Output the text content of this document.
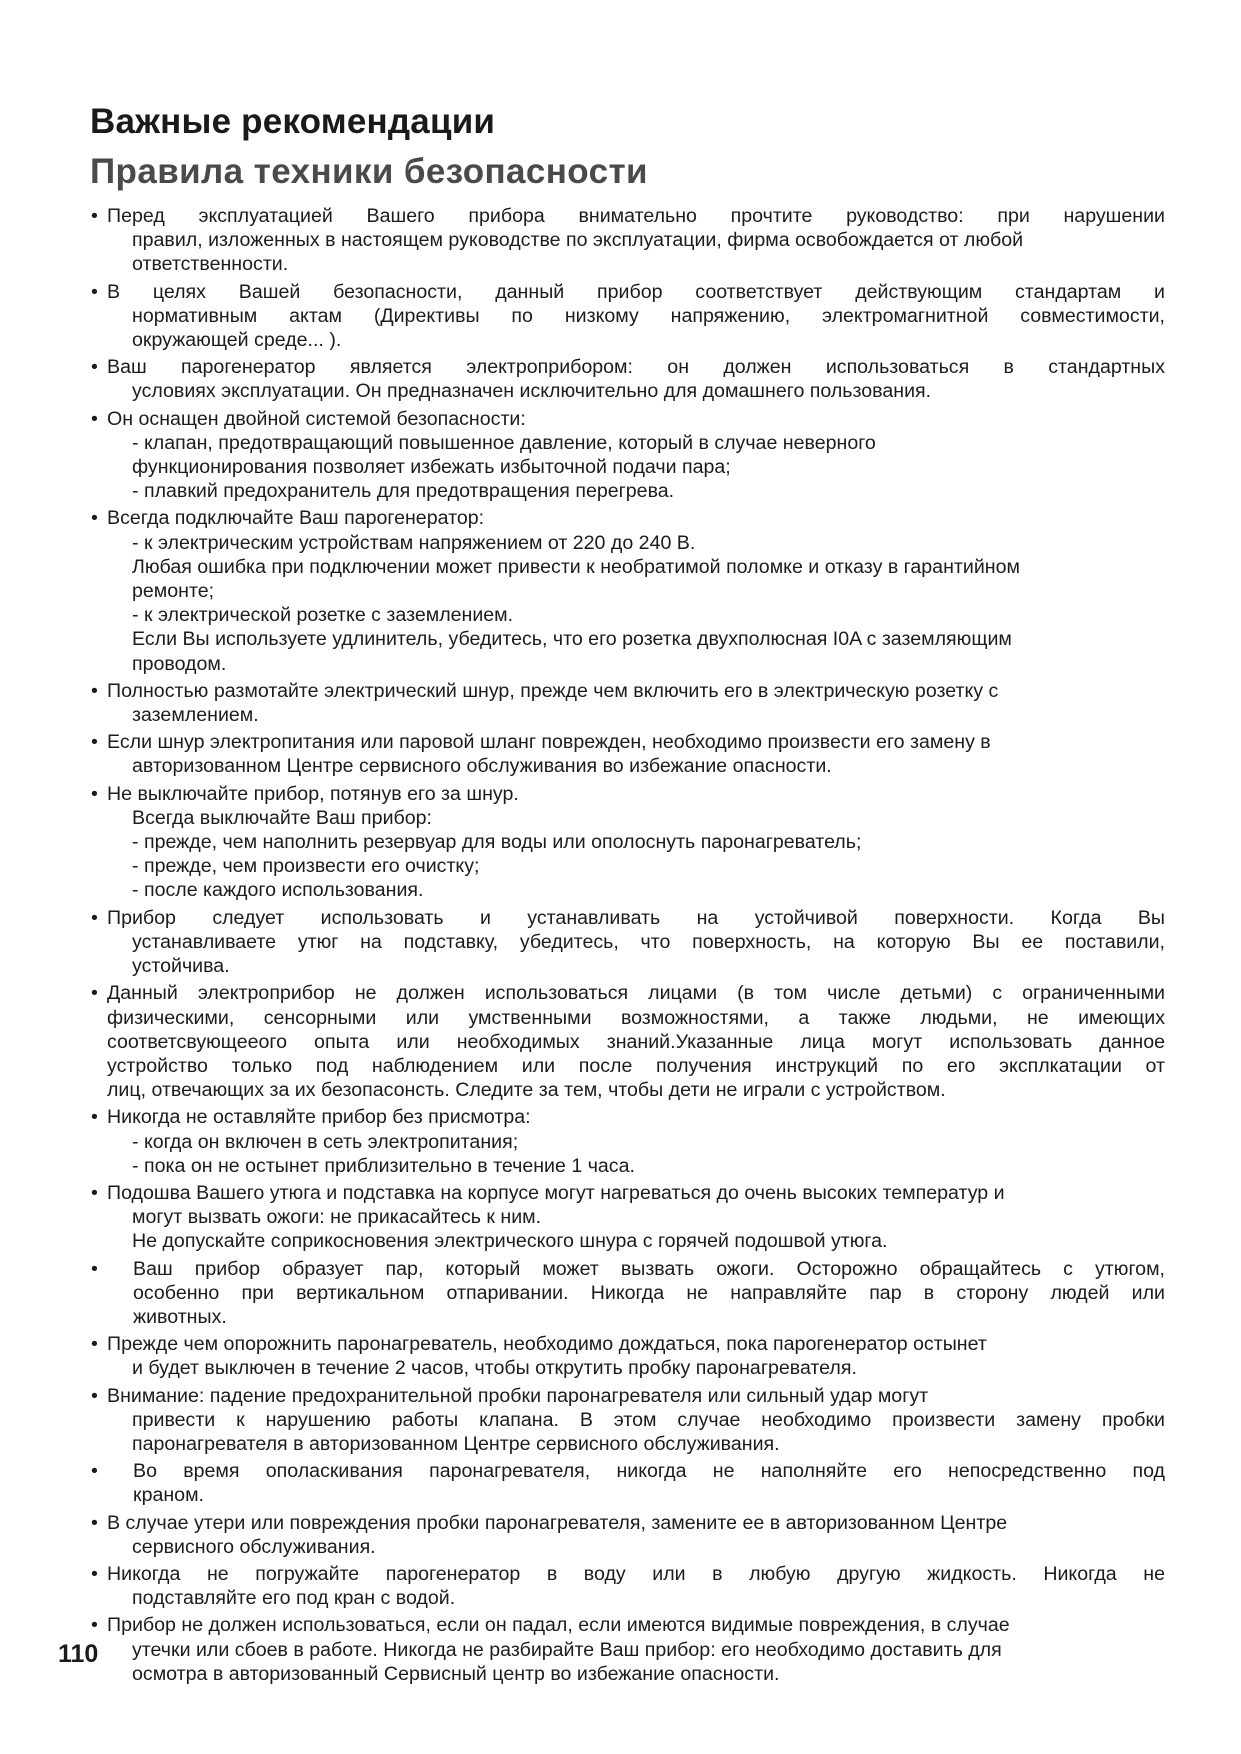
Важные рекомендации
Правила техники безопасности
• Перед эксплуатацией Вашего прибора внимательно прочтите руководство: при нарушении
правил, изложенных в настоящем руководстве по эксплуатации, фирма освобождается от любой
ответственности.
• В целях Вашей безопасности, данный прибор соответствует действующим стандартам и
нормативным актам (Директивы по низкому напряжению, электромагнитной совместимости,
окружающей среде... ).
• Ваш парогенератор является электроприбором: он должен использоваться в стандартных
условиях эксплуатации. Он предназначен исключительно для домашнего пользования.
• Он оснащен двойной системой безопасности:
- клапан, предотвращающий повышенное давление, который в случае неверного
функционирования позволяет избежать избыточной подачи пара;
- плавкий предохранитель для предотвращения перегрева.
• Всегда подключайте Ваш парогенератор:
- к электрическим устройствам напряжением от 220 до 240 В.
Любая ошибка при подключении может привести к необратимой поломке и отказу в гарантийном
ремонте;
- к электрической розетке с заземлением.
Если Вы используете удлинитель, убедитесь, что его розетка двухполюсная I0A с заземляющим
проводом.
• Полностью размотайте электрический шнур, прежде чем включить его в электрическую розетку с
заземлением.
• Если шнур электропитания или паровой шланг поврежден, необходимо произвести его замену в
авторизованном Центре сервисного обслуживания во избежание опасности.
• Не выключайте прибор, потянув его за шнур.
Всегда выключайте Ваш прибор:
- прежде, чем наполнить резервуар для воды или ополоснуть паронагреватель;
- прежде, чем произвести его очистку;
- после каждого использования.
• Прибор следует использовать и устанавливать на устойчивой поверхности. Когда Вы
устанавливаете утюг на подставку, убедитесь, что поверхность, на которую Вы ее поставили,
устойчива.
• Данный электроприбор не должен использоваться лицами (в том числе детьми) с ограниченными
физическими, сенсорными или умственными возможностями, а также людьми, не имеющих
соответсвующееого опыта или необходимых знаний.Указанные лица могут использовать данное
устройство только под наблюдением или после получения инструкций по его эксплкатации от
лиц, отвечающих за их безопасонсть. Следите за тем, чтобы дети не играли с устройством.
• Никогда не оставляйте прибор без присмотра:
- когда он включен в сеть электропитания;
- пока он не остынет приблизительно в течение 1 часа.
• Подошва Вашего утюга и подставка на корпусе могут нагреваться до очень высоких температур и
могут вызвать ожоги: не прикасайтесь к ним.
Не допускайте соприкосновения электрического шнура с горячей подошвой утюга.
• Ваш прибор образует пар, который может вызвать ожоги. Осторожно обращайтесь с утюгом,
особенно при вертикальном отпаривании. Никогда не направляйте пар в сторону людей или
животных.
• Прежде чем опорожнить паронагреватель, необходимо дождаться, пока парогенератор остынет
и будет выключен в течение 2 часов, чтобы открутить пробку паронагревателя.
• Внимание: падение предохранительной пробки паронагревателя или сильный удар могут
привести к нарушению работы клапана. В этом случае необходимо произвести замену пробки
паронагревателя в авторизованном Центре сервисного обслуживания.
• Во время ополаскивания паронагревателя, никогда не наполняйте его непосредственно под
краном.
• В случае утери или повреждения пробки паронагревателя, замените ее в авторизованном Центре
сервисного обслуживания.
• Никогда не погружайте парогенератор в воду или в любую другую жидкость. Никогда не
подставляйте его под кран с водой.
• Прибор не должен использоваться, если он падал, если имеются видимые повреждения, в случае
утечки или сбоев в работе. Никогда не разбирайте Ваш прибор: его необходимо доставить для
осмотра в авторизованный Сервисный центр во избежание опасности.
110
